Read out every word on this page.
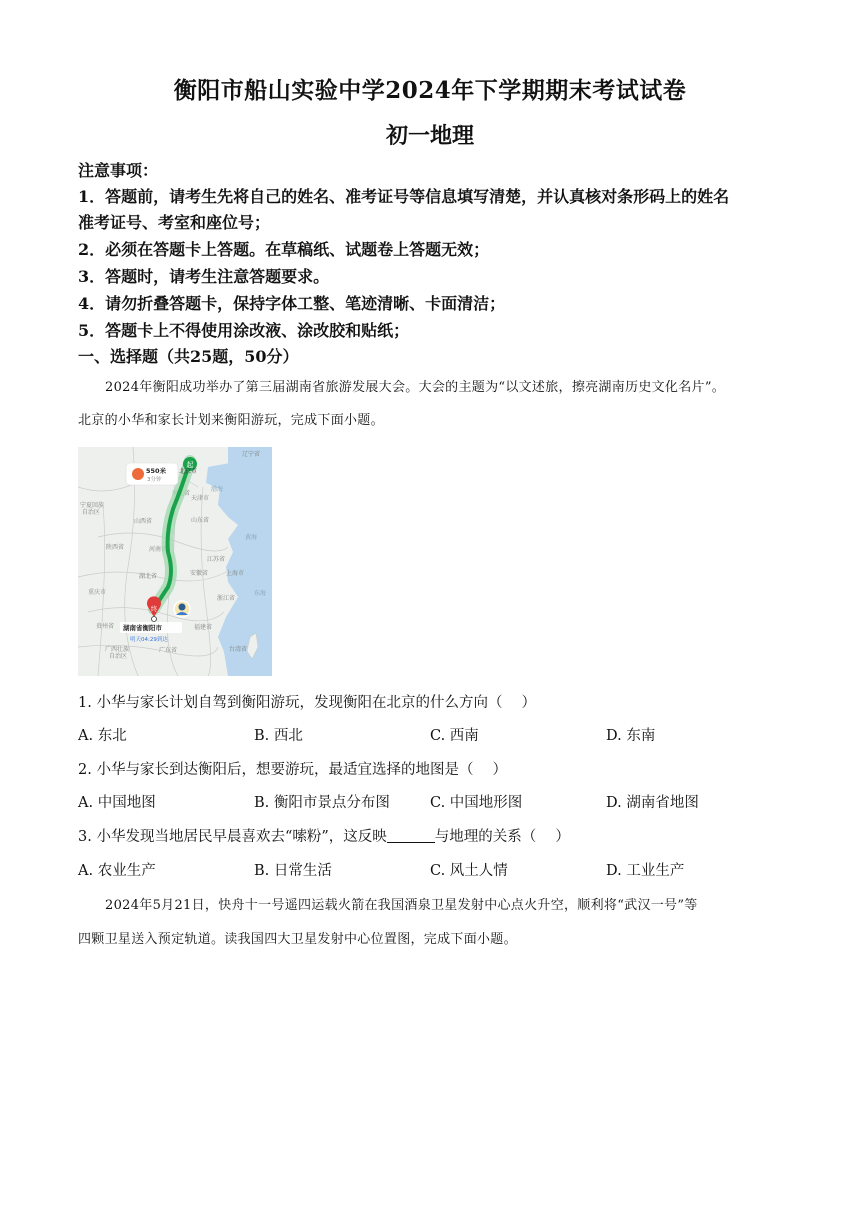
衡阳市船山实验中学2024年下学期期末考试试卷
初一地理
注意事项：
1．答题前，请考生先将自己的姓名、准考证号等信息填写清楚，并认真核对条形码上的姓名
准考证号、考室和座位号；
2．必须在答题卡上答题。在草稿纸、试题卷上答题无效；
3．答题时，请考生注意答题要求。
4．请勿折叠答题卡，保持字体工整、笔迹清晰、卡面清洁；
5．答题卡上不得使用涂改液、涂改胶和贴纸；
一、选择题（共25题，50分）
2024年衡阳成功举办了第三届湖南省旅游发展大会。大会的主题为“以文述旅，擦亮湖南历史文化名片”。
北京的小华和家长计划来衡阳游玩，完成下面小题。
辽宁省
河北省
天津市
渤海
山西省	山东省
黄海
陕西省	河南省
江苏省
安徽省	上海市
湖北省
重庆市
浙江省
东海
贵州省	福建省
广西壮族
自治区
广东省	台湾省
宁夏回族
自治区
起
北京市
550米
3分钟
终
湖南省衡阳市
明天04:29到达
1. 小华与家长计划自驾到衡阳游玩，发现衡阳在北京的什么方向（　 ）
A. 东北	B. 西北	C. 西南	D. 东南
2. 小华与家长到达衡阳后，想要游玩，最适宜选择的地图是（　 ）
A. 中国地图	B. 衡阳市景点分布图	C. 中国地形图	D. 湖南省地图
3. 小华发现当地居民早晨喜欢去“嗦粉”，这反映	与地理的关系（　 ）
A. 农业生产	B. 日常生活	C. 风土人情	D. 工业生产
2024年5月21日，快舟十一号遥四运载火箭在我国酒泉卫星发射中心点火升空，顺利将“武汉一号”等
四颗卫星送入预定轨道。读我国四大卫星发射中心位置图，完成下面小题。
